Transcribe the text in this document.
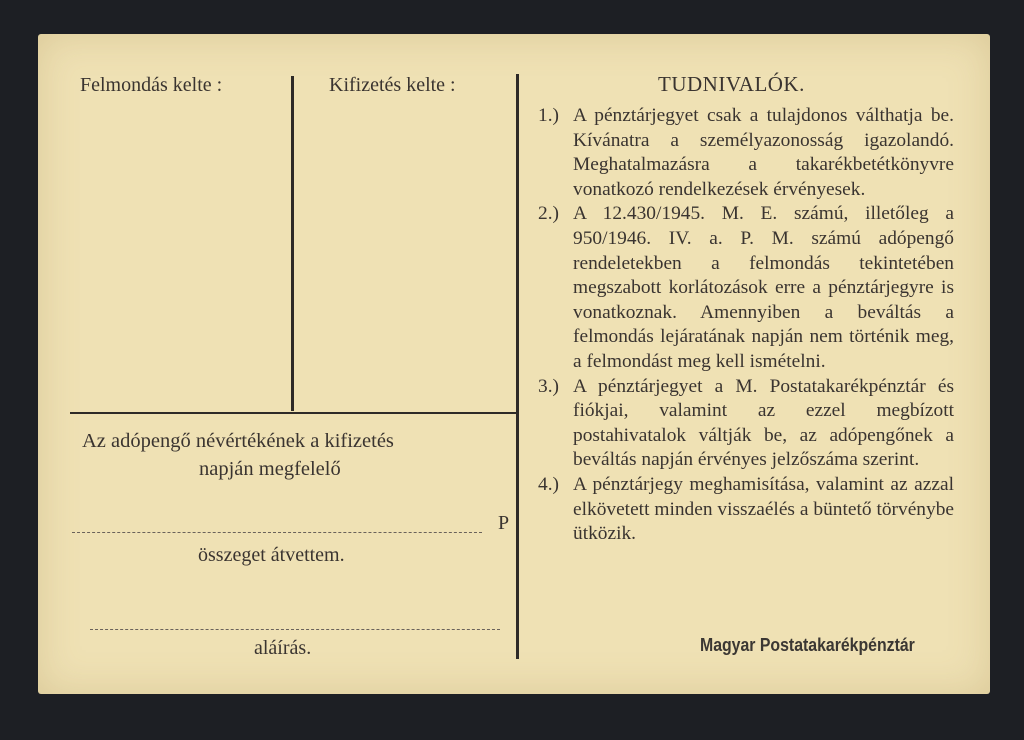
Felmondás kelte :	Kifizetés kelte :
Az adópengő névértékének a kifizetés
napján megfelelő
P
összeget átvettem.
aláírás.
TUDNIVALÓK.
1.) A pénztárjegyet csak a tulajdonos válthatja be. Kívánatra a személyazonosság igazolandó. Meghatalmazásra a takarékbetétkönyvre vonatkozó rendelkezések érvényesek.
2.) A 12.430/1945. M. E. számú, illetőleg a 950/1946. IV. a. P. M. számú adópengő rendeletekben a felmondás tekintetében megszabott korlátozások erre a pénztárjegyre is vonatkoznak. Amennyiben a beváltás a felmondás lejáratának napján nem történik meg, a felmondást meg kell ismételni.
3.) A pénztárjegyet a M. Postatakarékpénztár és fiókjai, valamint az ezzel megbízott postahivatalok váltják be, az adópengőnek a beváltás napján érvényes jelzőszáma szerint.
4.) A pénztárjegy meghamisítása, valamint az azzal elkövetett minden visszaélés a büntető törvénybe ütközik.
Magyar Postatakarékpénztár
